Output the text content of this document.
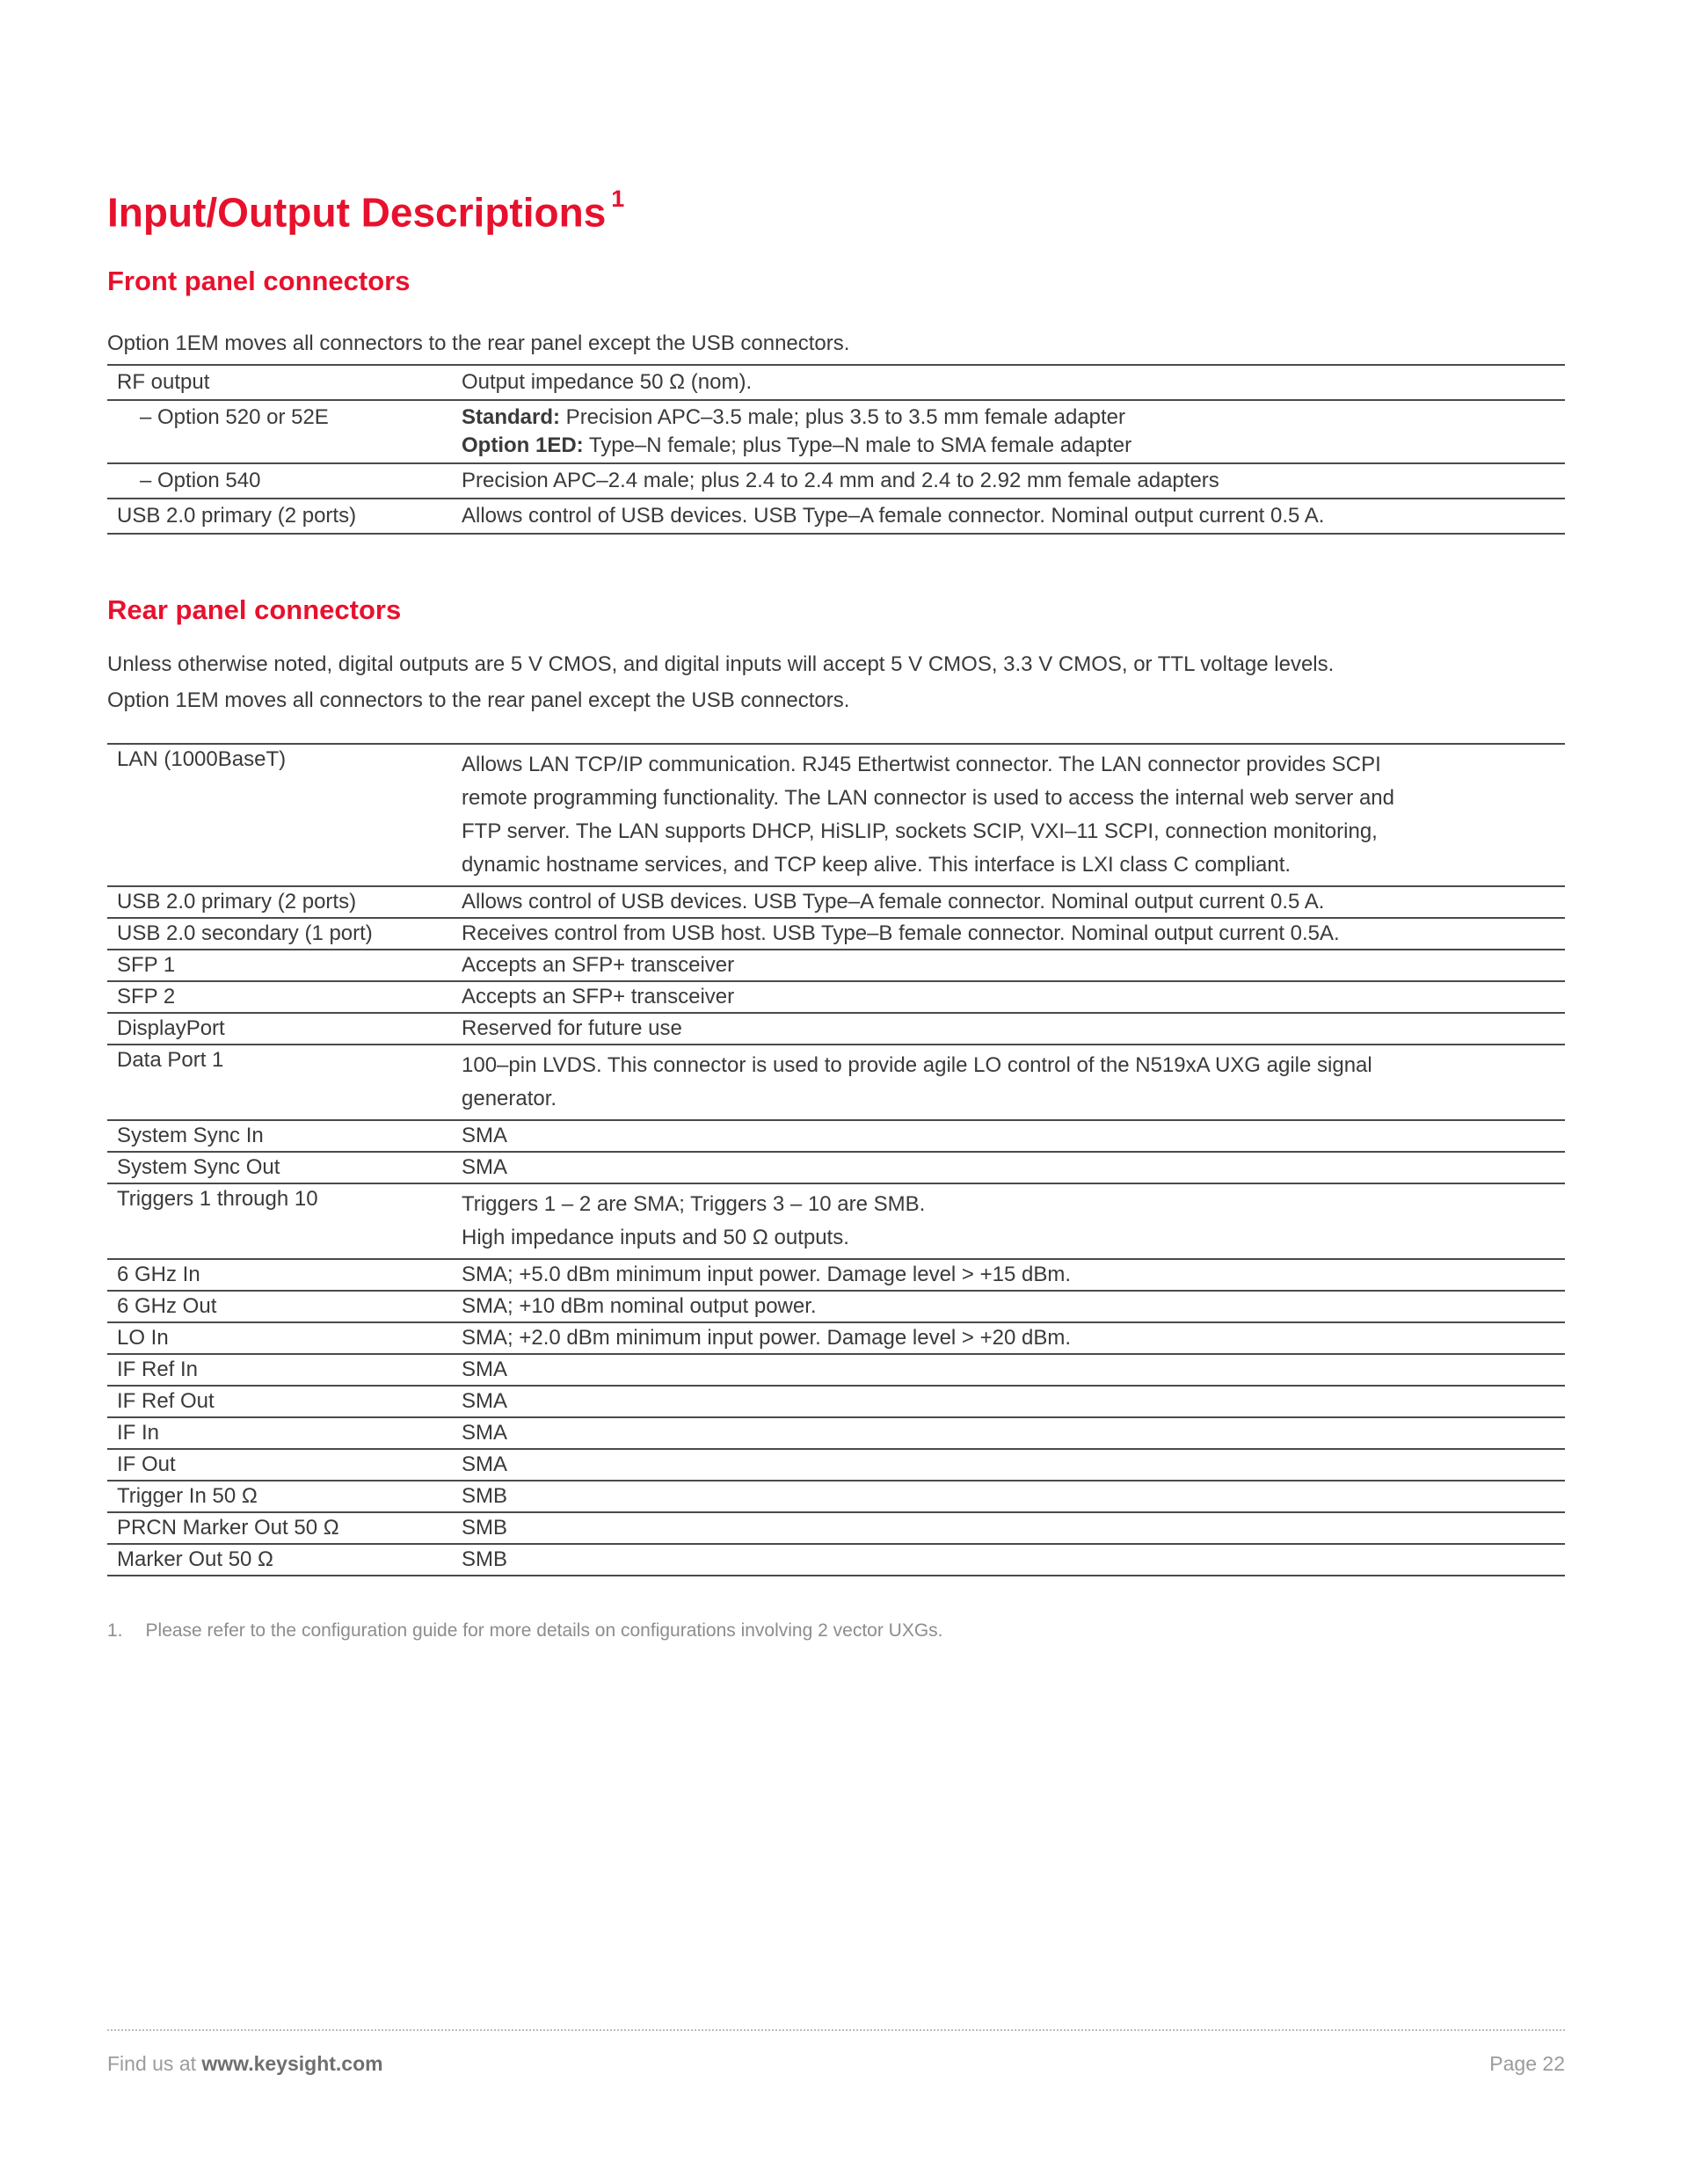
Input/Output Descriptions $^1$
Front panel connectors

Option 1EM moves all connectors to the rear panel except the USB connectors.

RF output	Output impedance 50 Ω (nom).

– Option 520 or 52E	Standard: Precision APC–3.5 male; plus 3.5 to 3.5 mm female adapter
Option 1ED: Type–N female; plus Type–N male to SMA female adapter

– Option 540	Precision APC–2.4 male; plus 2.4 to 2.4 mm and 2.4 to 2.92 mm female adapters

USB 2.0 primary (2 ports)	Allows control of USB devices. USB Type–A female connector. Nominal output current 0.5 A.
Rear panel connectors

Unless otherwise noted, digital outputs are 5 V CMOS, and digital inputs will accept 5 V CMOS, 3.3 V CMOS, or TTL voltage levels.
Option 1EM moves all connectors to the rear panel except the USB connectors.

LAN (1000BaseT)	Allows LAN TCP/IP communication. RJ45 Ethertwist connector. The LAN connector provides SCPI
remote programming functionality. The LAN connector is used to access the internal web server and
FTP server. The LAN supports DHCP, HiSLIP, sockets SCIP, VXI–11 SCPI, connection monitoring,
dynamic hostname services, and TCP keep alive. This interface is LXI class C compliant.

USB 2.0 primary (2 ports)	Allows control of USB devices. USB Type–A female connector. Nominal output current 0.5 A.

USB 2.0 secondary (1 port)	Receives control from USB host. USB Type–B female connector. Nominal output current 0.5A.

SFP 1	Accepts an SFP+ transceiver

SFP 2	Accepts an SFP+ transceiver

DisplayPort	Reserved for future use

Data Port 1	100–pin LVDS. This connector is used to provide agile LO control of the N519xA UXG agile signal
generator.

System Sync In	SMA

System Sync Out	SMA

Triggers 1 through 10	Triggers 1 – 2 are SMA; Triggers 3 – 10 are SMB.
High impedance inputs and 50 Ω outputs.

6 GHz In	SMA; +5.0 dBm minimum input power. Damage level > +15 dBm.

6 GHz Out	SMA; +10 dBm nominal output power.

LO In	SMA; +2.0 dBm minimum input power. Damage level > +20 dBm.

IF Ref In	SMA

IF Ref Out	SMA

IF In	SMA

IF Out	SMA

Trigger In 50 Ω	SMB

PRCN Marker Out 50 Ω	SMB

Marker Out 50 Ω	SMB
1. Please refer to the configuration guide for more details on configurations involving 2 vector UXGs.
Find us at www.keysight.com	Page 22
